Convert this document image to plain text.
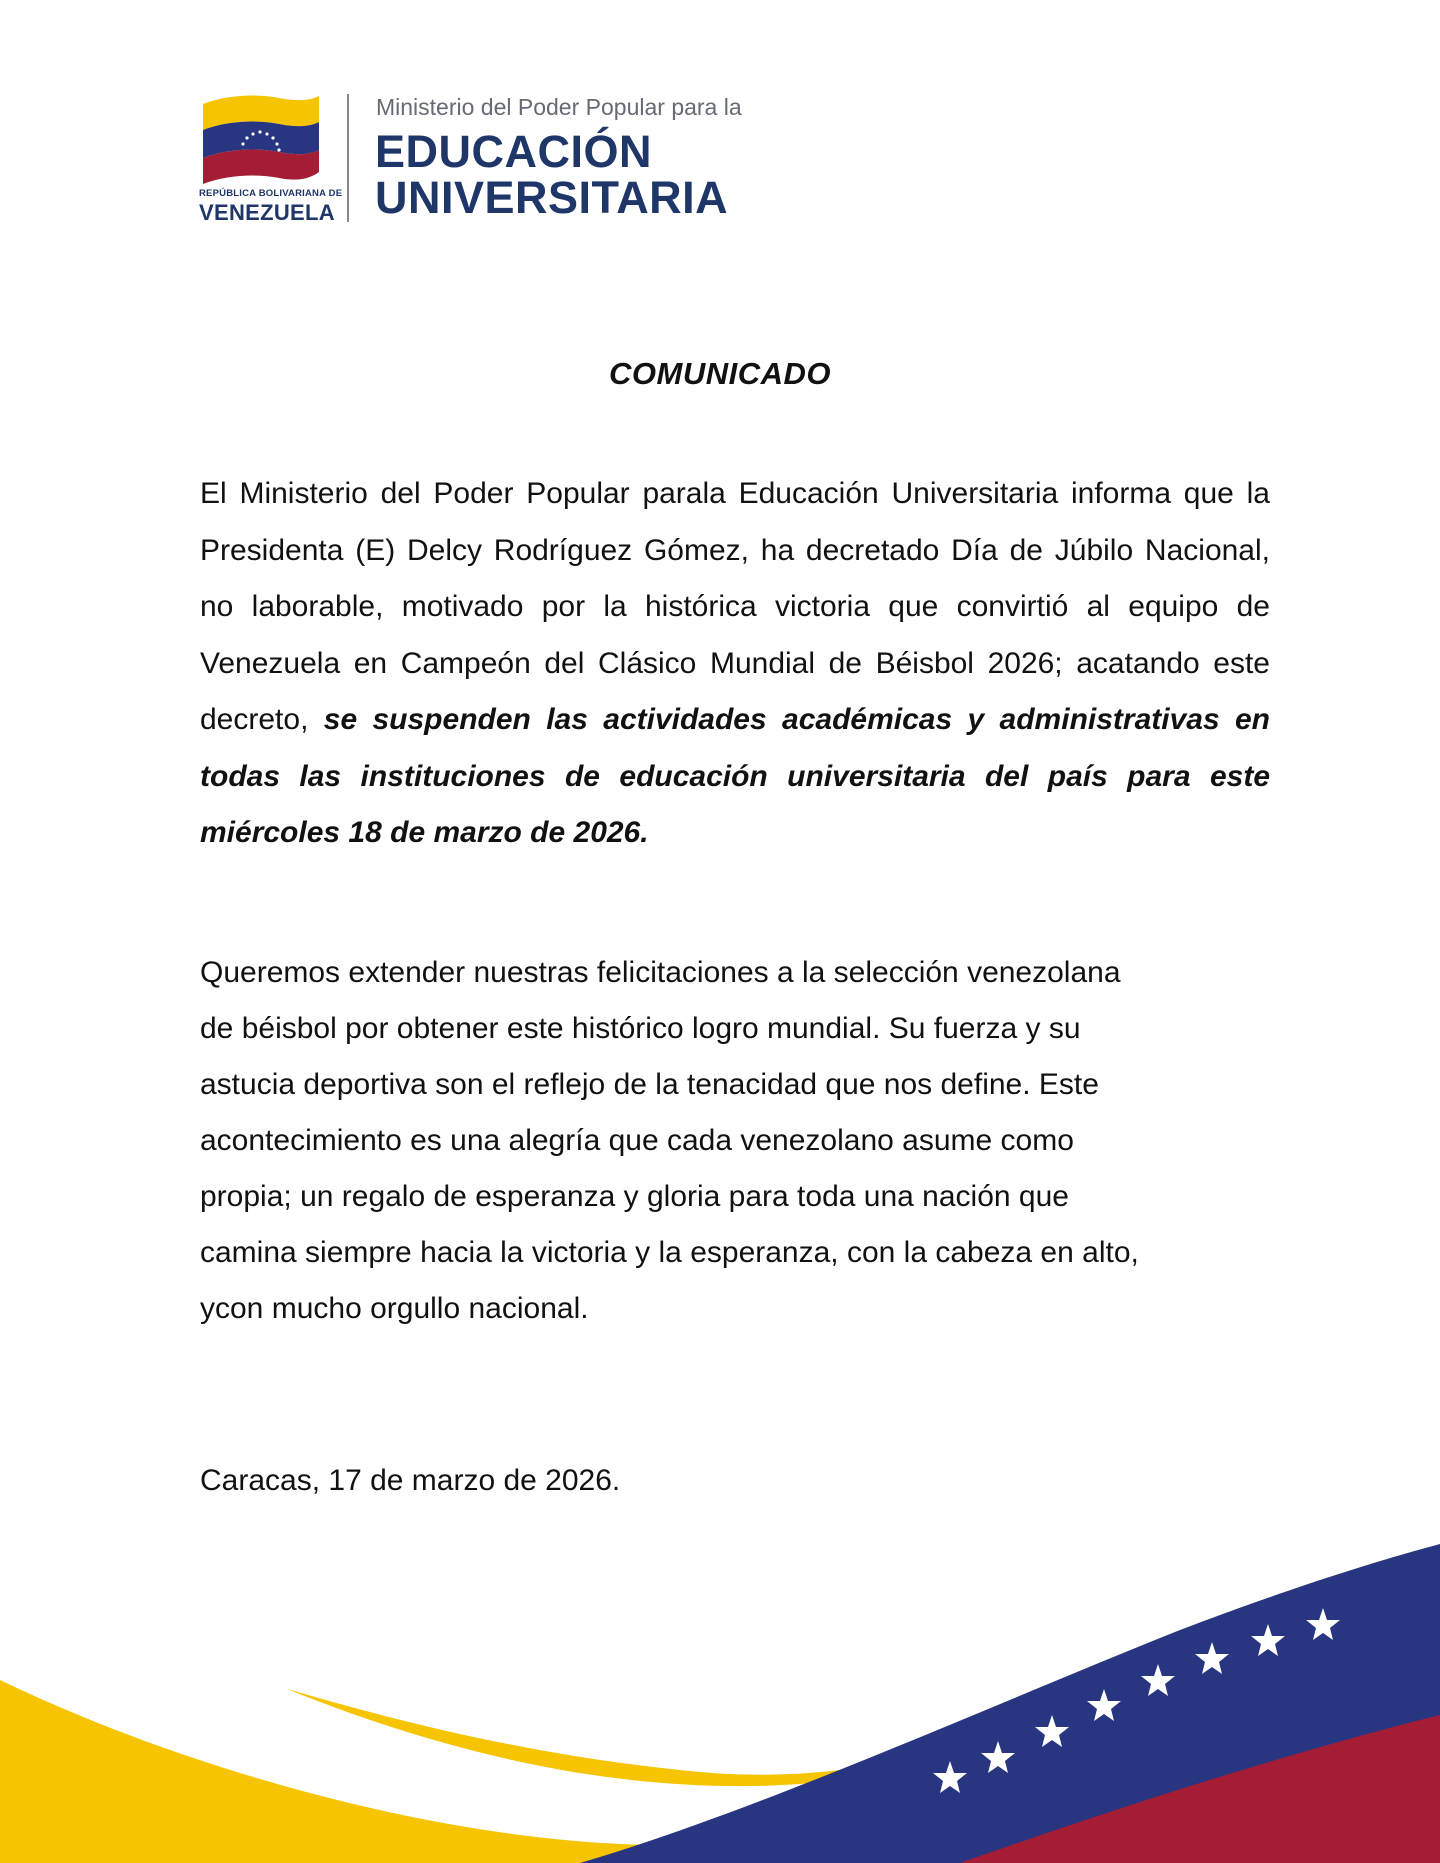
REPÚBLICA BOLIVARIANA DE
VENEZUELA
Ministerio del Poder Popular para la
EDUCACIÓN
UNIVERSITARIA
COMUNICADO
El Ministerio del Poder Popular parala Educación Universitaria informa que la Presidenta (E) Delcy Rodríguez Gómez, ha decretado Día de Júbilo Nacional, no laborable, motivado por la histórica victoria que convirtió al equipo de Venezuela en Campeón del Clásico Mundial de Béisbol 2026; acatando este decreto, se suspenden las actividades académicas y administrativas en todas las instituciones de educación universitaria del país para este miércoles 18 de marzo de 2026.
Queremos extender nuestras felicitaciones a la selección venezolana
de béisbol por obtener este histórico logro mundial. Su fuerza y su
astucia deportiva son el reflejo de la tenacidad que nos define. Este
acontecimiento es una alegría que cada venezolano asume como
propia; un regalo de esperanza y gloria para toda una nación que
camina siempre hacia la victoria y la esperanza, con la cabeza en alto,
ycon mucho orgullo nacional.
Caracas, 17 de marzo de 2026.
